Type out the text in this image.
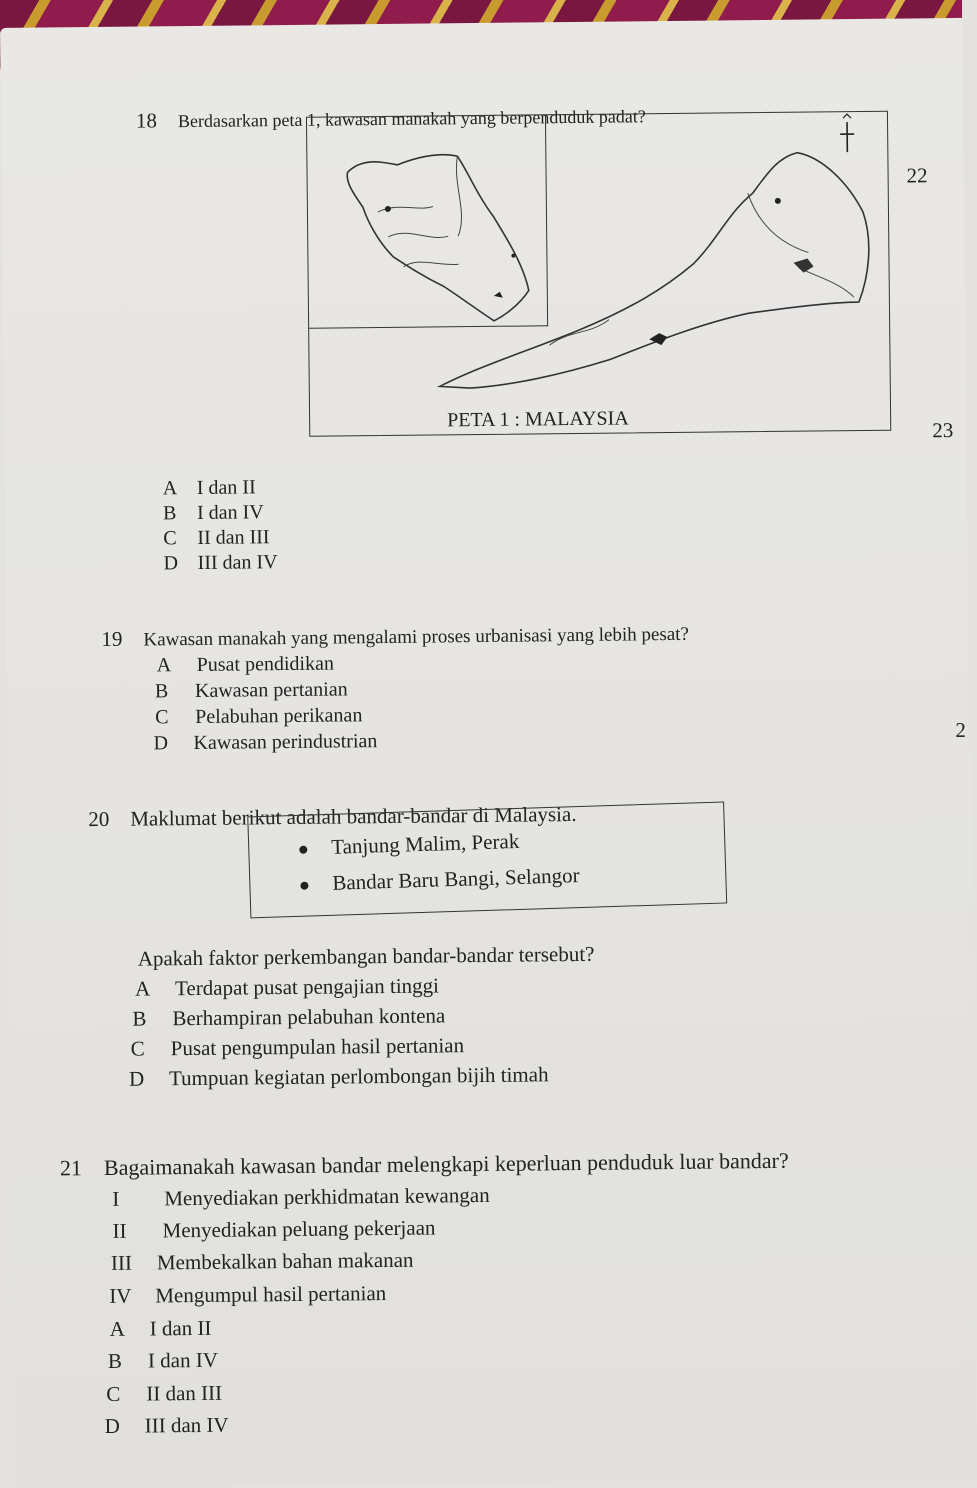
18 Berdasarkan peta 1, kawasan manakah yang berpenduduk padat?
PETA 1 : MALAYSIA
A I dan II
B I dan IV
C II dan III
D III dan IV
22
23
2
19 Kawasan manakah yang mengalami proses urbanisasi yang lebih pesat?
A Pusat pendidikan
B Kawasan pertanian
C Pelabuhan perikanan
D Kawasan perindustrian
20 Maklumat berikut adalah bandar-bandar di Malaysia.
Tanjung Malim, Perak
Bandar Baru Bangi, Selangor
Apakah faktor perkembangan bandar-bandar tersebut?
A Terdapat pusat pengajian tinggi
B Berhampiran pelabuhan kontena
C Pusat pengumpulan hasil pertanian
D Tumpuan kegiatan perlombongan bijih timah
21 Bagaimanakah kawasan bandar melengkapi keperluan penduduk luar bandar?
I Menyediakan perkhidmatan kewangan
II Menyediakan peluang pekerjaan
III Membekalkan bahan makanan
IV Mengumpul hasil pertanian
A I dan II
B I dan IV
C II dan III
D III dan IV
